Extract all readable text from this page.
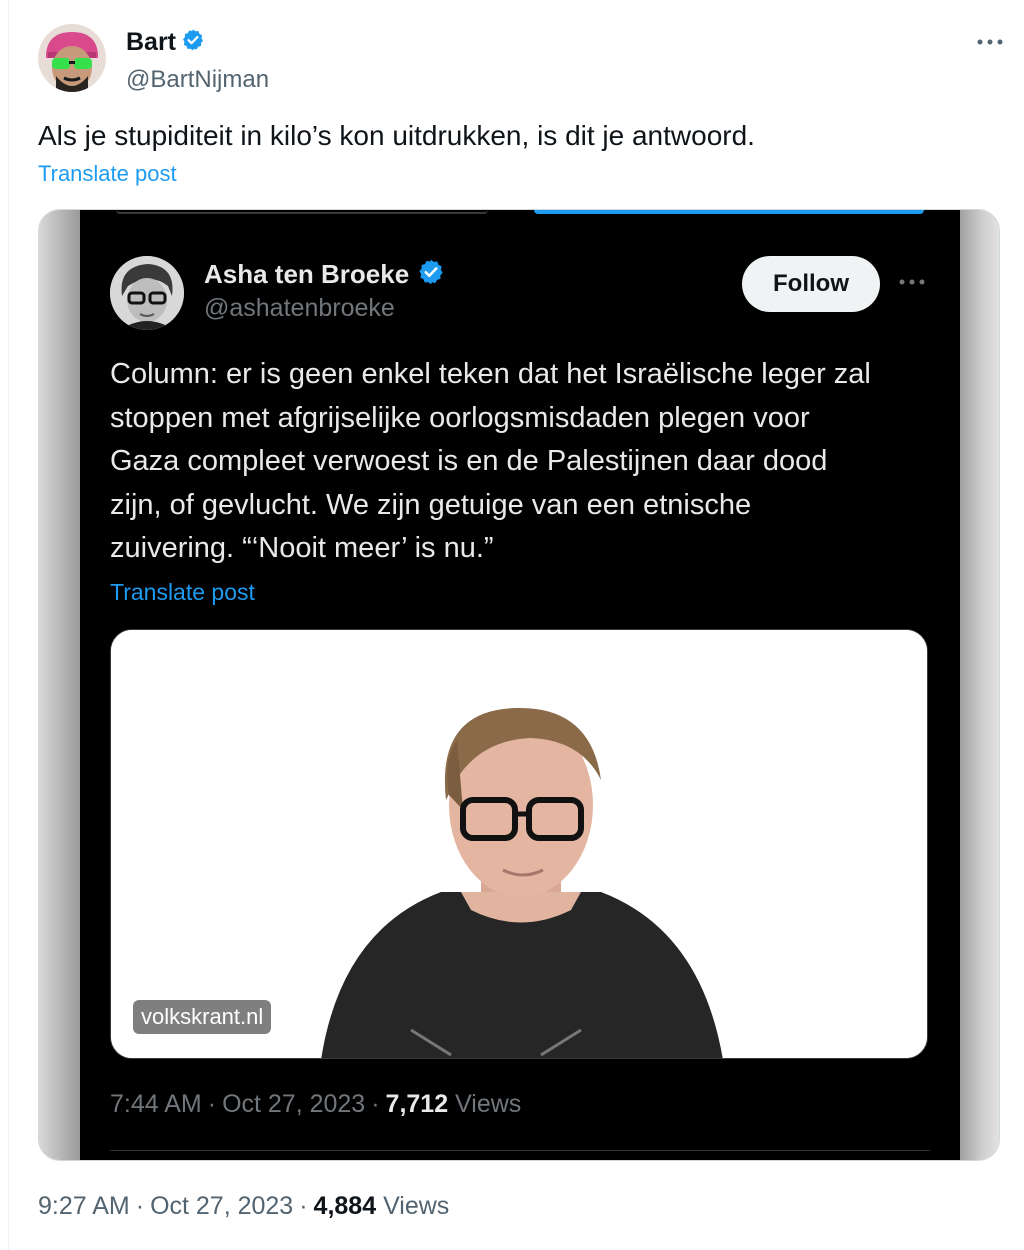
Bart
@BartNijman
Als je stupiditeit in kilo’s kon uitdrukken, is dit je antwoord.
Translate post
Asha ten Broeke
@ashatenbroeke
Follow
Column: er is geen enkel teken dat het Israëlische leger zal
stoppen met afgrijselijke oorlogsmisdaden plegen voor
Gaza compleet verwoest is en de Palestijnen daar dood
zijn, of gevlucht. We zijn getuige van een etnische
zuivering. “‘Nooit meer’ is nu.”
Translate post
volkskrant.nl
7:44 AM · Oct 27, 2023 · 7,712 Views
9:27 AM · Oct 27, 2023 · 4,884 Views
